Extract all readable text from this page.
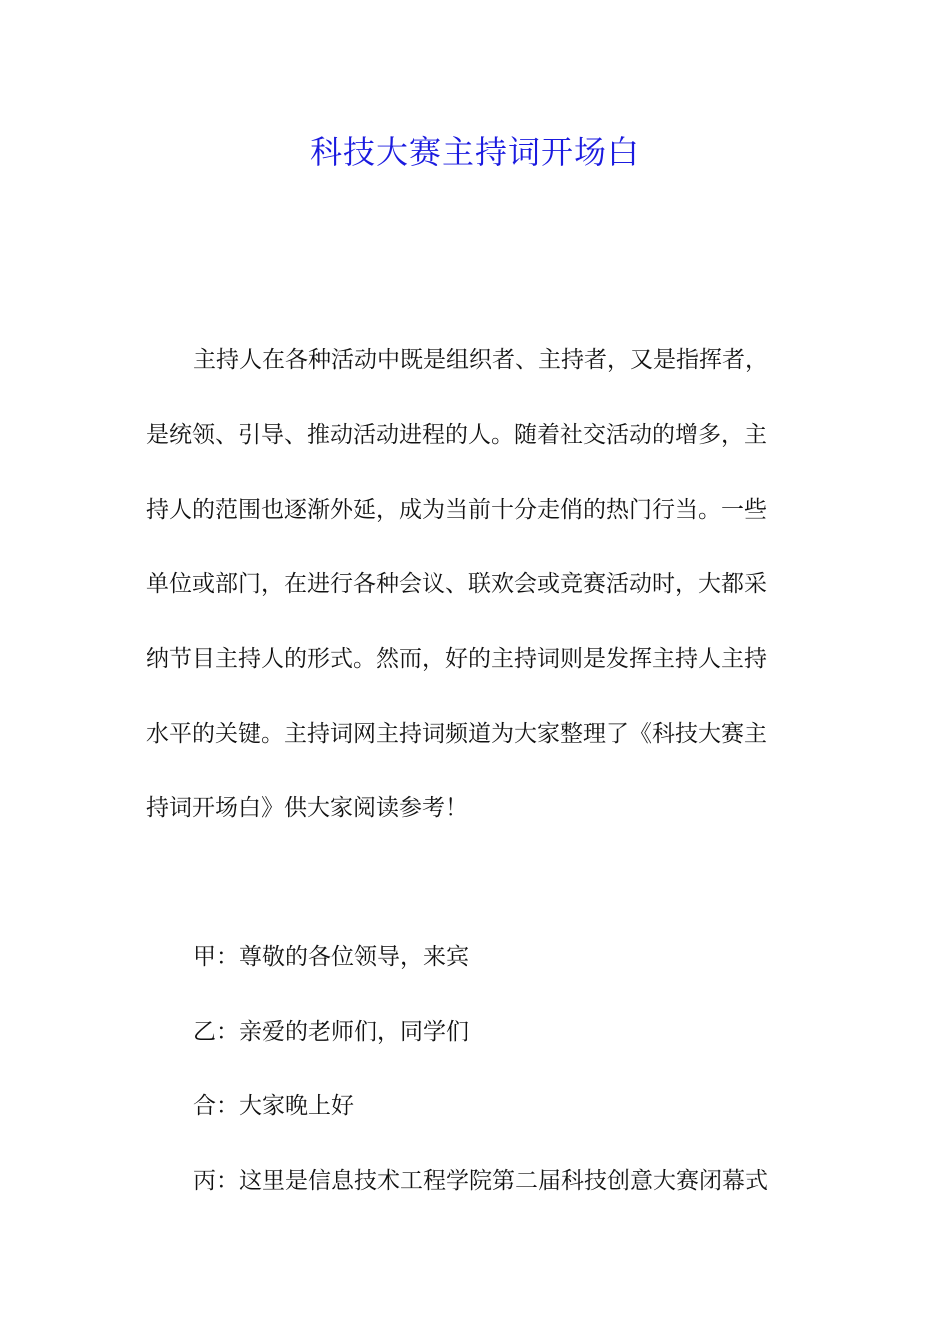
科技大赛主持词开场白

主持人在各种活动中既是组织者、主持者，又是指挥者，

是统领、引导、推动活动进程的人。随着社交活动的增多，主

持人的范围也逐渐外延，成为当前十分走俏的热门行当。一些

单位或部门，在进行各种会议、联欢会或竞赛活动时，大都采

纳节目主持人的形式。然而，好的主持词则是发挥主持人主持

水平的关键。主持词网主持词频道为大家整理了《科技大赛主

持词开场白》供大家阅读参考！

甲：尊敬的各位领导，来宾

乙：亲爱的老师们，同学们

合：大家晚上好

丙：这里是信息技术工程学院第二届科技创意大赛闭幕式
